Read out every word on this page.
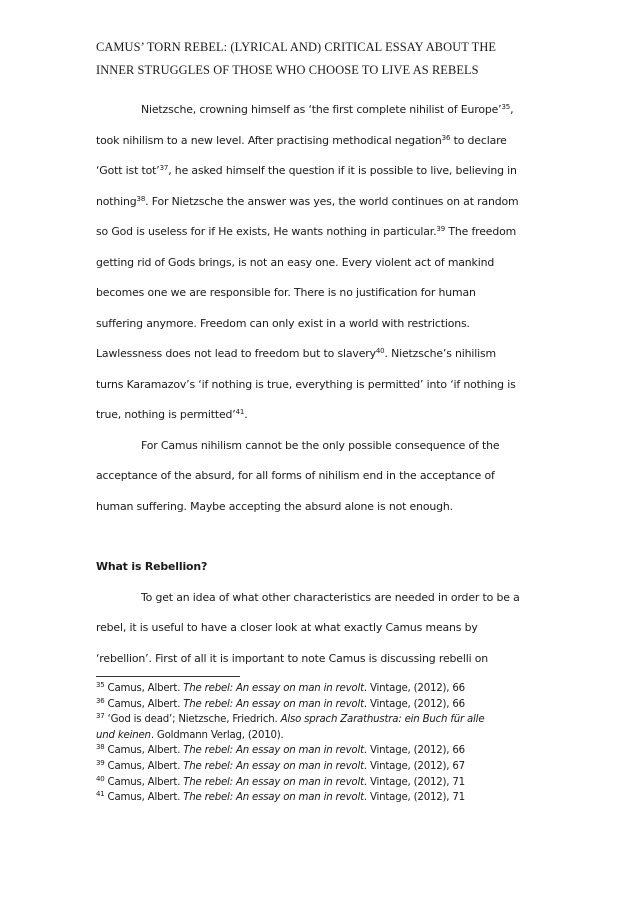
CAMUS’ TORN REBEL: (LYRICAL AND) CRITICAL ESSAY ABOUT THE
INNER STRUGGLES OF THOSE WHO CHOOSE TO LIVE AS REBELS
Nietzsche, crowning himself as ‘the first complete nihilist of Europe’$^{35}$,
took nihilism to a new level. After practising methodical negation$^{36}$ to declare
‘Gott ist tot’$^{37}$, he asked himself the question if it is possible to live, believing in
nothing$^{38}$. For Nietzsche the answer was yes, the world continues on at random
so God is useless for if He exists, He wants nothing in particular.$^{39}$ The freedom
getting rid of Gods brings, is not an easy one. Every violent act of mankind
becomes one we are responsible for. There is no justification for human
suffering anymore. Freedom can only exist in a world with restrictions.
Lawlessness does not lead to freedom but to slavery$^{40}$. Nietzsche’s nihilism
turns Karamazov’s ‘if nothing is true, everything is permitted’ into ‘if nothing is
true, nothing is permitted’$^{41}$.
For Camus nihilism cannot be the only possible consequence of the
acceptance of the absurd, for all forms of nihilism end in the acceptance of
human suffering. Maybe accepting the absurd alone is not enough.
What is Rebellion?
To get an idea of what other characteristics are needed in order to be a
rebel, it is useful to have a closer look at what exactly Camus means by
‘rebellion’. First of all it is important to note Camus is discussing rebelli on
$^{35}$ Camus, Albert. The rebel: An essay on man in revolt. Vintage, (2012), 66
$^{36}$ Camus, Albert. The rebel: An essay on man in revolt. Vintage, (2012), 66
$^{37}$ ‘God is dead’; Nietzsche, Friedrich. Also sprach Zarathustra: ein Buch für alle
und keinen. Goldmann Verlag, (2010).
$^{38}$ Camus, Albert. The rebel: An essay on man in revolt. Vintage, (2012), 66
$^{39}$ Camus, Albert. The rebel: An essay on man in revolt. Vintage, (2012), 67
$^{40}$ Camus, Albert. The rebel: An essay on man in revolt. Vintage, (2012), 71
$^{41}$ Camus, Albert. The rebel: An essay on man in revolt. Vintage, (2012), 71
